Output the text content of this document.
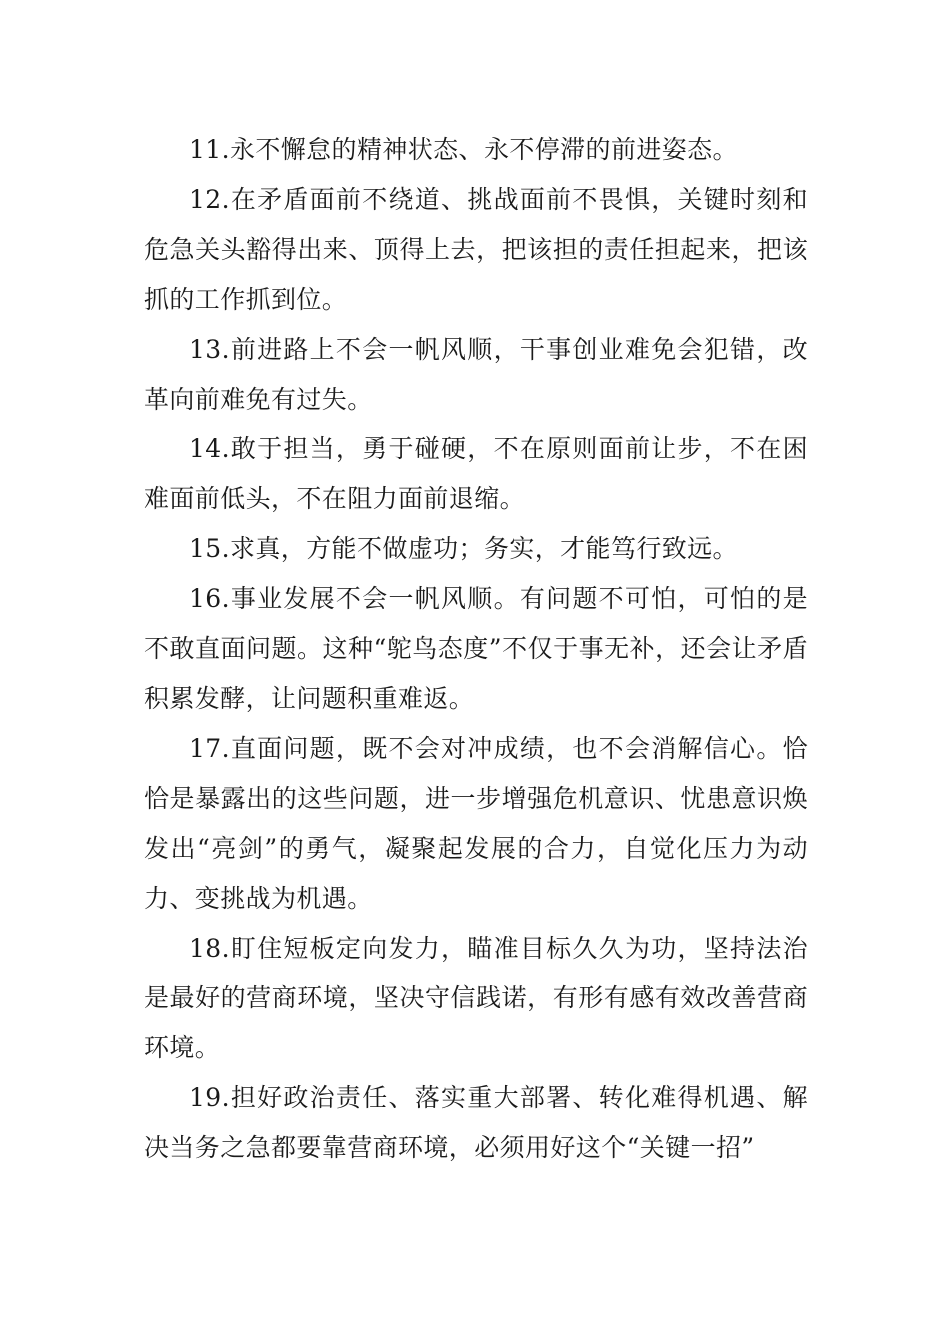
11.永不懈怠的精神状态、永不停滞的前进姿态。

12.在矛盾面前不绕道、挑战面前不畏惧，关键时刻和危急关头豁得出来、顶得上去，把该担的责任担起来，把该抓的工作抓到位。

13.前进路上不会一帆风顺，干事创业难免会犯错，改革向前难免有过失。

14.敢于担当，勇于碰硬，不在原则面前让步，不在困难面前低头，不在阻力面前退缩。

15.求真，方能不做虚功；务实，才能笃行致远。

16.事业发展不会一帆风顺。有问题不可怕，可怕的是不敢直面问题。这种“鸵鸟态度”不仅于事无补，还会让矛盾积累发酵，让问题积重难返。

17.直面问题，既不会对冲成绩，也不会消解信心。恰恰是暴露出的这些问题，进一步增强危机意识、忧患意识焕发出“亮剑”的勇气，凝聚起发展的合力，自觉化压力为动力、变挑战为机遇。

18.盯住短板定向发力，瞄准目标久久为功，坚持法治是最好的营商环境，坚决守信践诺，有形有感有效改善营商环境。

19.担好政治责任、落实重大部署、转化难得机遇、解决当务之急都要靠营商环境，必须用好这个“关键一招”
